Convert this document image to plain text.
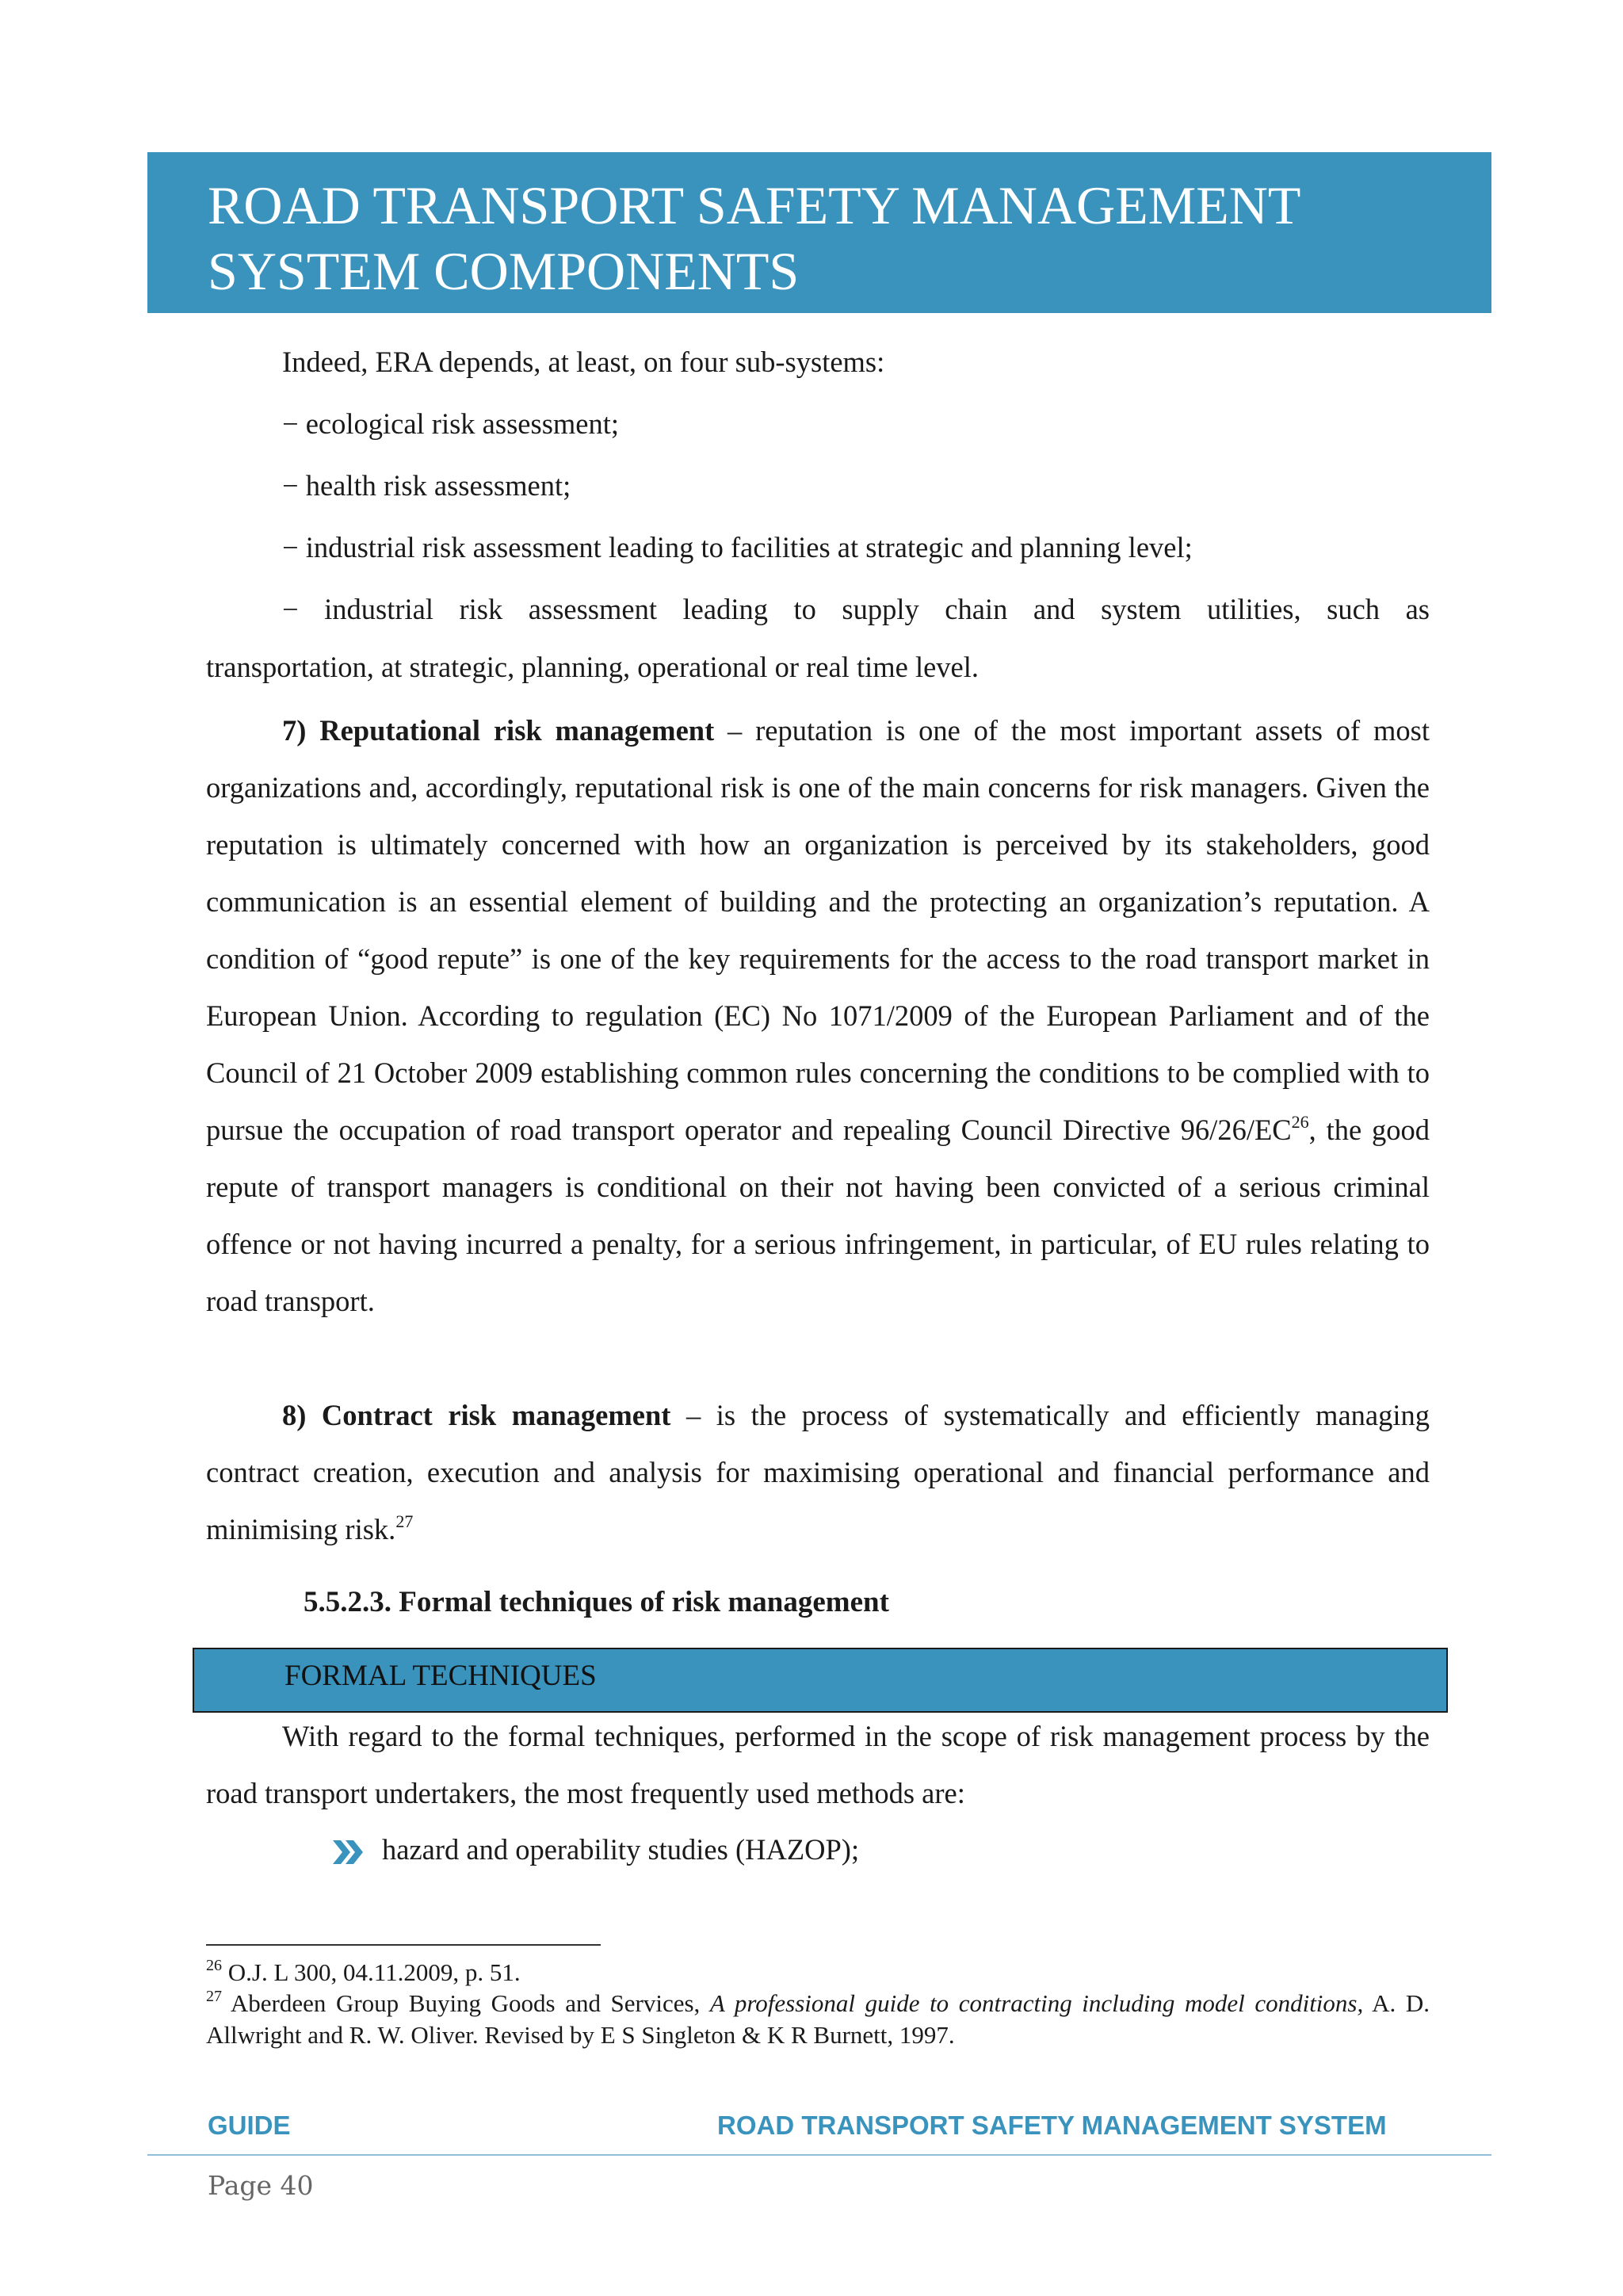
ROAD TRANSPORT SAFETY MANAGEMENT
SYSTEM COMPONENTS
Indeed, ERA depends, at least, on four sub-systems:
− ecological risk assessment;
− health risk assessment;
− industrial risk assessment leading to facilities at strategic and planning level;
− industrial risk assessment leading to supply chain and system utilities, such as
transportation, at strategic, planning, operational or real time level.

7) Reputational risk management – reputation is one of the most important assets of most organizations and, accordingly, reputational risk is one of the main concerns for risk managers. Given the reputation is ultimately concerned with how an organization is perceived by its stakeholders, good communication is an essential element of building and the protecting an organization’s reputation. A condition of “good repute” is one of the key requirements for the access to the road transport market in European Union. According to regulation (EC) No 1071/2009 of the European Parliament and of the Council of 21 October 2009 establishing common rules concerning the conditions to be complied with to pursue the occupation of road transport operator and repealing Council Directive 96/26/EC$^{26}$, the good repute of transport managers is conditional on their not having been convicted of a serious criminal offence or not having incurred a penalty, for a serious infringement, in particular, of EU rules relating to road transport.

8) Contract risk management – is the process of systematically and efficiently managing contract creation, execution and analysis for maximising operational and financial performance and minimising risk.$^{27}$

5.5.2.3. Formal techniques of risk management
FORMAL TECHNIQUES

With regard to the formal techniques, performed in the scope of risk management process by the road transport undertakers, the most frequently used methods are:

hazard and operability studies (HAZOP);
$^{26}$ O.J. L 300, 04.11.2009, p. 51.
$^{27}$ Aberdeen Group Buying Goods and Services, A professional guide to contracting including model conditions, A. D. Allwright and R. W. Oliver. Revised by E S Singleton & K R Burnett, 1997.
GUIDE	ROAD TRANSPORT SAFETY MANAGEMENT SYSTEM
Page 40
